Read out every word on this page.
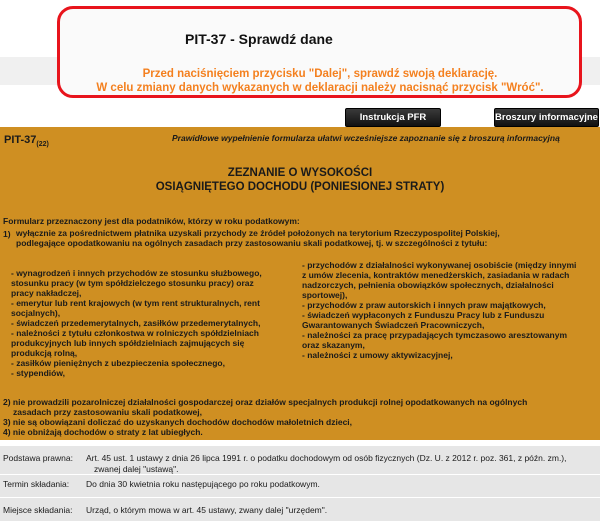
PIT-37 - Sprawdź dane
Przed naciśnięciem przycisku "Dalej", sprawdź swoją deklarację.
W celu zmiany danych wykazanych w deklaracji należy nacisnąć przycisk "Wróć".
Instrukcja PFR	Broszury informacyjne
PIT-$37_{(22)}$
Prawidłowe wypełnienie formularza ułatwi wcześniejsze zapoznanie się z broszurą informacyjną
ZEZNANIE O WYSOKOŚCI
OSIĄGNIĘTEGO DOCHODU (PONIESIONEJ STRATY)
Formularz przeznaczony jest dla podatników, którzy w roku podatkowym:
1) wyłącznie za pośrednictwem płatnika uzyskali przychody ze źródeł położonych na terytorium Rzeczypospolitej Polskiej,
podlegające opodatkowaniu na ogólnych zasadach przy zastosowaniu skali podatkowej, tj. w szczególności z tytułu:
- wynagrodzeń i innych przychodów ze stosunku służbowego,
stosunku pracy (w tym spółdzielczego stosunku pracy) oraz
pracy nakładczej,
- emerytur lub rent krajowych (w tym rent strukturalnych, rent
socjalnych),
- świadczeń przedemerytalnych, zasiłków przedemerytalnych,
- należności z tytułu członkostwa w rolniczych spółdzielniach
produkcyjnych lub innych spółdzielniach zajmujących się
produkcją rolną,
- zasiłków pieniężnych z ubezpieczenia społecznego,
- stypendiów,
- przychodów z działalności wykonywanej osobiście (między innymi
z umów zlecenia, kontraktów menedżerskich, zasiadania w radach
nadzorczych, pełnienia obowiązków społecznych, działalności
sportowej),
- przychodów z praw autorskich i innych praw majątkowych,
- świadczeń wypłaconych z Funduszu Pracy lub z Funduszu
Gwarantowanych Świadczeń Pracowniczych,
- należności za pracę przypadających tymczasowo aresztowanym
oraz skazanym,
- należności z umowy aktywizacyjnej,
2) nie prowadzili pozarolniczej działalności gospodarczej oraz działów specjalnych produkcji rolnej opodatkowanych na ogólnych
zasadach przy zastosowaniu skali podatkowej,
3) nie są obowiązani doliczać do uzyskanych dochodów dochodów małoletnich dzieci,
4) nie obniżają dochodów o straty z lat ubiegłych.
Podstawa prawna: Art. 45 ust. 1 ustawy z dnia 26 lipca 1991 r. o podatku dochodowym od osób fizycznych (Dz. U. z 2012 r. poz. 361, z późn. zm.),
zwanej dalej "ustawą".
Termin składania: Do dnia 30 kwietnia roku następującego po roku podatkowym.
Miejsce składania: Urząd, o którym mowa w art. 45 ustawy, zwany dalej "urzędem".
